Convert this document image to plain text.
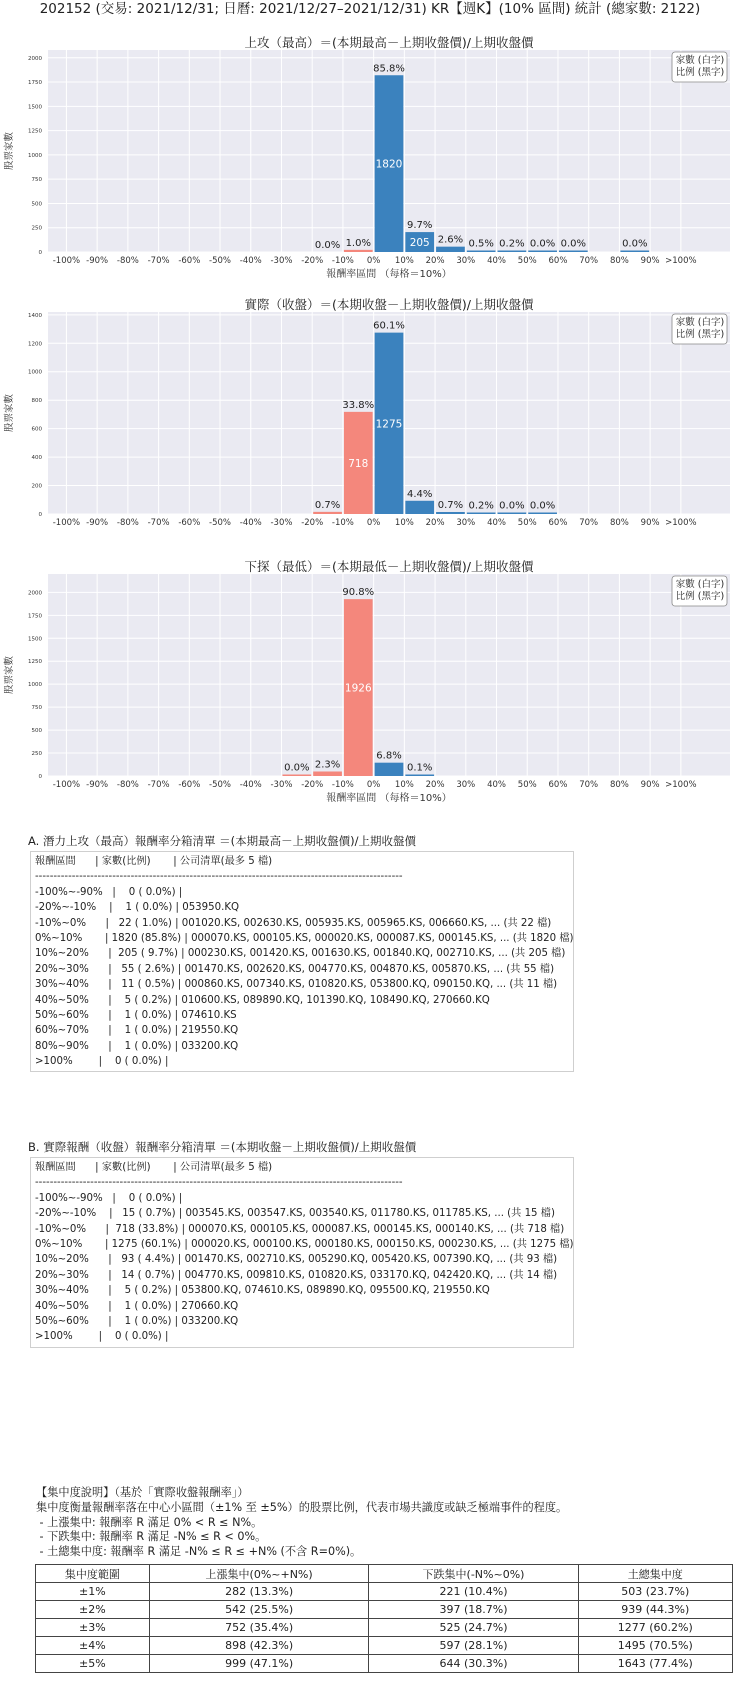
202152 (交易: 2021/12/31; 日曆: 2021/12/27–2021/12/31) KR【週K】(10% 區間) 統計 (總家數: 2122)
上攻（最高）＝(本期最高－上期收盤價)/上期收盤價
-100% -90% -80% -70% -60% -50% -40% -30% -20% -10% 0% 10% 20% 30% 40% 50% 60% 70% 80% 90% >100%
0
250
500
750
1000
1250
1500
1750
2000
股票家數
報酬率區間 （每格＝10%）
0.0% 1.0%
85.8%
1820
9.7%
205 2.6% 0.5% 0.2% 0.0% 0.0%	0.0%
家數 (白字)
比例 (黑字)
實際（收盤）＝(本期收盤－上期收盤價)/上期收盤價
-100% -90% -80% -70% -60% -50% -40% -30% -20% -10% 0% 10% 20% 30% 40% 50% 60% 70% 80% 90% >100%
0
200
400
600
800
1000
1200
1400
股票家數
0.7%
33.8%
718
60.1%
1275
4.4%
0.7% 0.2% 0.0% 0.0%
家數 (白字)
比例 (黑字)
下探（最低）＝(本期最低－上期收盤價)/上期收盤價
-100% -90% -80% -70% -60% -50% -40% -30% -20% -10% 0% 10% 20% 30% 40% 50% 60% 70% 80% 90% >100%
0
250
500
750
1000
1250
1500
1750
2000
股票家數
報酬率區間 （每格＝10%）
0.0% 2.3%
90.8%
1926
6.8%
0.1%
家數 (白字)
比例 (黑字)
A. 潛力上攻（最高）報酬率分箱清單 ＝(本期最高－上期收盤價)/上期收盤價
報酬區間      | 家數(比例)       | 公司清單(最多 5 檔)
----------------------------------------------------------------------------------------------------
-100%~-90%   |    0 ( 0.0%) |
-20%~-10%    |    1 ( 0.0%) | 053950.KQ
-10%~0%      |   22 ( 1.0%) | 001020.KS, 002630.KS, 005935.KS, 005965.KS, 006660.KS, ... (共 22 檔)
0%~10%       | 1820 (85.8%) | 000070.KS, 000105.KS, 000020.KS, 000087.KS, 000145.KS, ... (共 1820 檔)
10%~20%      |  205 ( 9.7%) | 000230.KS, 001420.KS, 001630.KS, 001840.KQ, 002710.KS, ... (共 205 檔)
20%~30%      |   55 ( 2.6%) | 001470.KS, 002620.KS, 004770.KS, 004870.KS, 005870.KS, ... (共 55 檔)
30%~40%      |   11 ( 0.5%) | 000860.KS, 007340.KS, 010820.KS, 053800.KQ, 090150.KQ, ... (共 11 檔)
40%~50%      |    5 ( 0.2%) | 010600.KS, 089890.KQ, 101390.KQ, 108490.KQ, 270660.KQ
50%~60%      |    1 ( 0.0%) | 074610.KS
60%~70%      |    1 ( 0.0%) | 219550.KQ
80%~90%      |    1 ( 0.0%) | 033200.KQ
>100%        |    0 ( 0.0%) |
B. 實際報酬（收盤）報酬率分箱清單 ＝(本期收盤－上期收盤價)/上期收盤價
報酬區間      | 家數(比例)       | 公司清單(最多 5 檔)
----------------------------------------------------------------------------------------------------
-100%~-90%   |    0 ( 0.0%) |
-20%~-10%    |   15 ( 0.7%) | 003545.KS, 003547.KS, 003540.KS, 011780.KS, 011785.KS, ... (共 15 檔)
-10%~0%      |  718 (33.8%) | 000070.KS, 000105.KS, 000087.KS, 000145.KS, 000140.KS, ... (共 718 檔)
0%~10%       | 1275 (60.1%) | 000020.KS, 000100.KS, 000180.KS, 000150.KS, 000230.KS, ... (共 1275 檔)
10%~20%      |   93 ( 4.4%) | 001470.KS, 002710.KS, 005290.KQ, 005420.KS, 007390.KQ, ... (共 93 檔)
20%~30%      |   14 ( 0.7%) | 004770.KS, 009810.KS, 010820.KS, 033170.KQ, 042420.KQ, ... (共 14 檔)
30%~40%      |    5 ( 0.2%) | 053800.KQ, 074610.KS, 089890.KQ, 095500.KQ, 219550.KQ
40%~50%      |    1 ( 0.0%) | 270660.KQ
50%~60%      |    1 ( 0.0%) | 033200.KQ
>100%        |    0 ( 0.0%) |
【集中度說明】（基於「實際收盤報酬率」）
集中度衡量報酬率落在中心小區間（±1% 至 ±5%）的股票比例，代表市場共識度或缺乏極端事件的程度。
- 上漲集中: 報酬率 R 滿足 0% < R ≤ N%。
- 下跌集中: 報酬率 R 滿足 -N% ≤ R < 0%。
- 土總集中度: 報酬率 R 滿足 -N% ≤ R ≤ +N% (不含 R=0%)。
集中度範圍	上漲集中(0%~+N%)	下跌集中(-N%~0%)	土總集中度
±1%	282 (13.3%)	221 (10.4%)	503 (23.7%)
±2%	542 (25.5%)	397 (18.7%)	939 (44.3%)
±3%	752 (35.4%)	525 (24.7%)	1277 (60.2%)
±4%	898 (42.3%)	597 (28.1%)	1495 (70.5%)
±5%	999 (47.1%)	644 (30.3%)	1643 (77.4%)
